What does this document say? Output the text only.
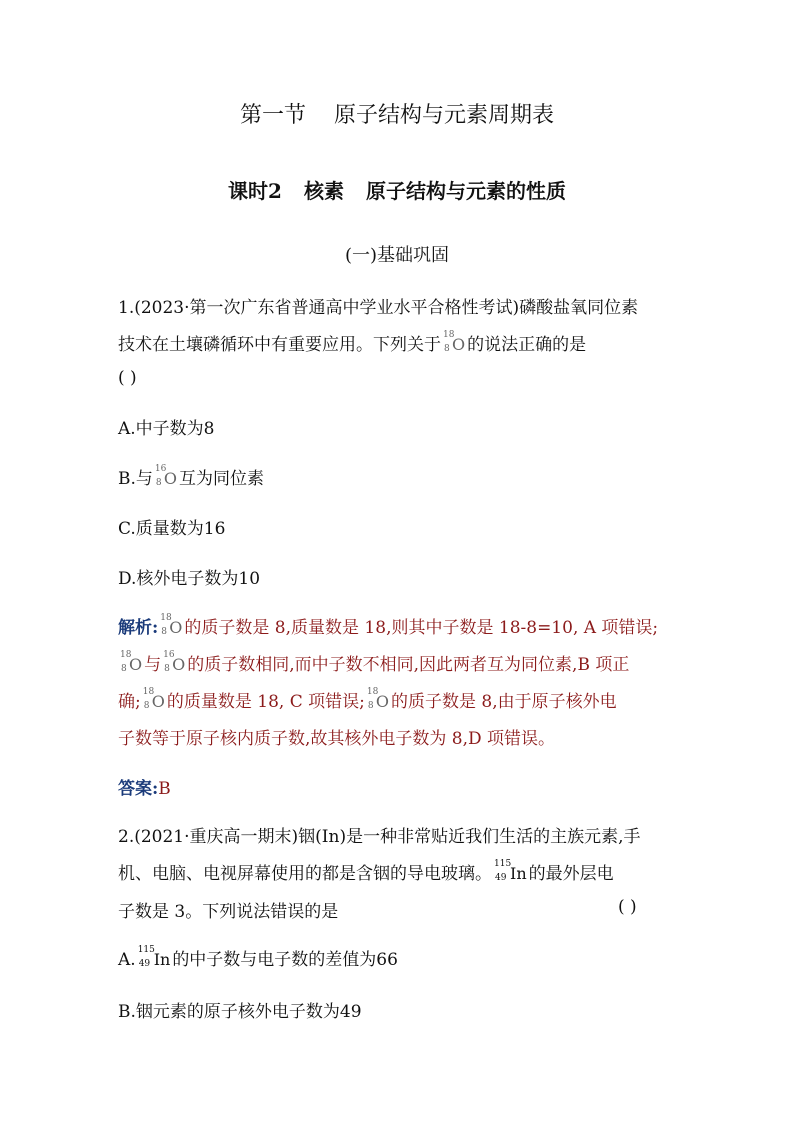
第一节 原子结构与元素周期表
课时2 核素 原子结构与元素的性质
(一)基础巩固
1.(2023·第一次广东省普通高中学业水平合格性考试)磷酸盐氧同位素
技术在土壤磷循环中有重要应用。下列关于 18
8 O 的说法正确的是
( )
A.中子数为8
B.与 16
8 O 互为同位素
C.质量数为16
D.核外电子数为10
解析: 18
8 O 的质子数是 8,质量数是 18,则其中子数是 18-8=10, A 项错误;
18
8 O 与 16
8 O 的质子数相同,而中子数不相同,因此两者互为同位素,B 项正
确; 18
8 O 的质量数是 18, C 项错误; 18
8 O 的质子数是 8,由于原子核外电
子数等于原子核内质子数,故其核外电子数为 8,D 项错误。
答案:B
2.(2021·重庆高一期末)铟(In)是一种非常贴近我们生活的主族元素,手
机、电脑、电视屏幕使用的都是含铟的导电玻璃。 115
49 In 的最外层电
子数是 3。下列说法错误的是	( )
A. 115
49 In 的中子数与电子数的差值为66
B.铟元素的原子核外电子数为49
